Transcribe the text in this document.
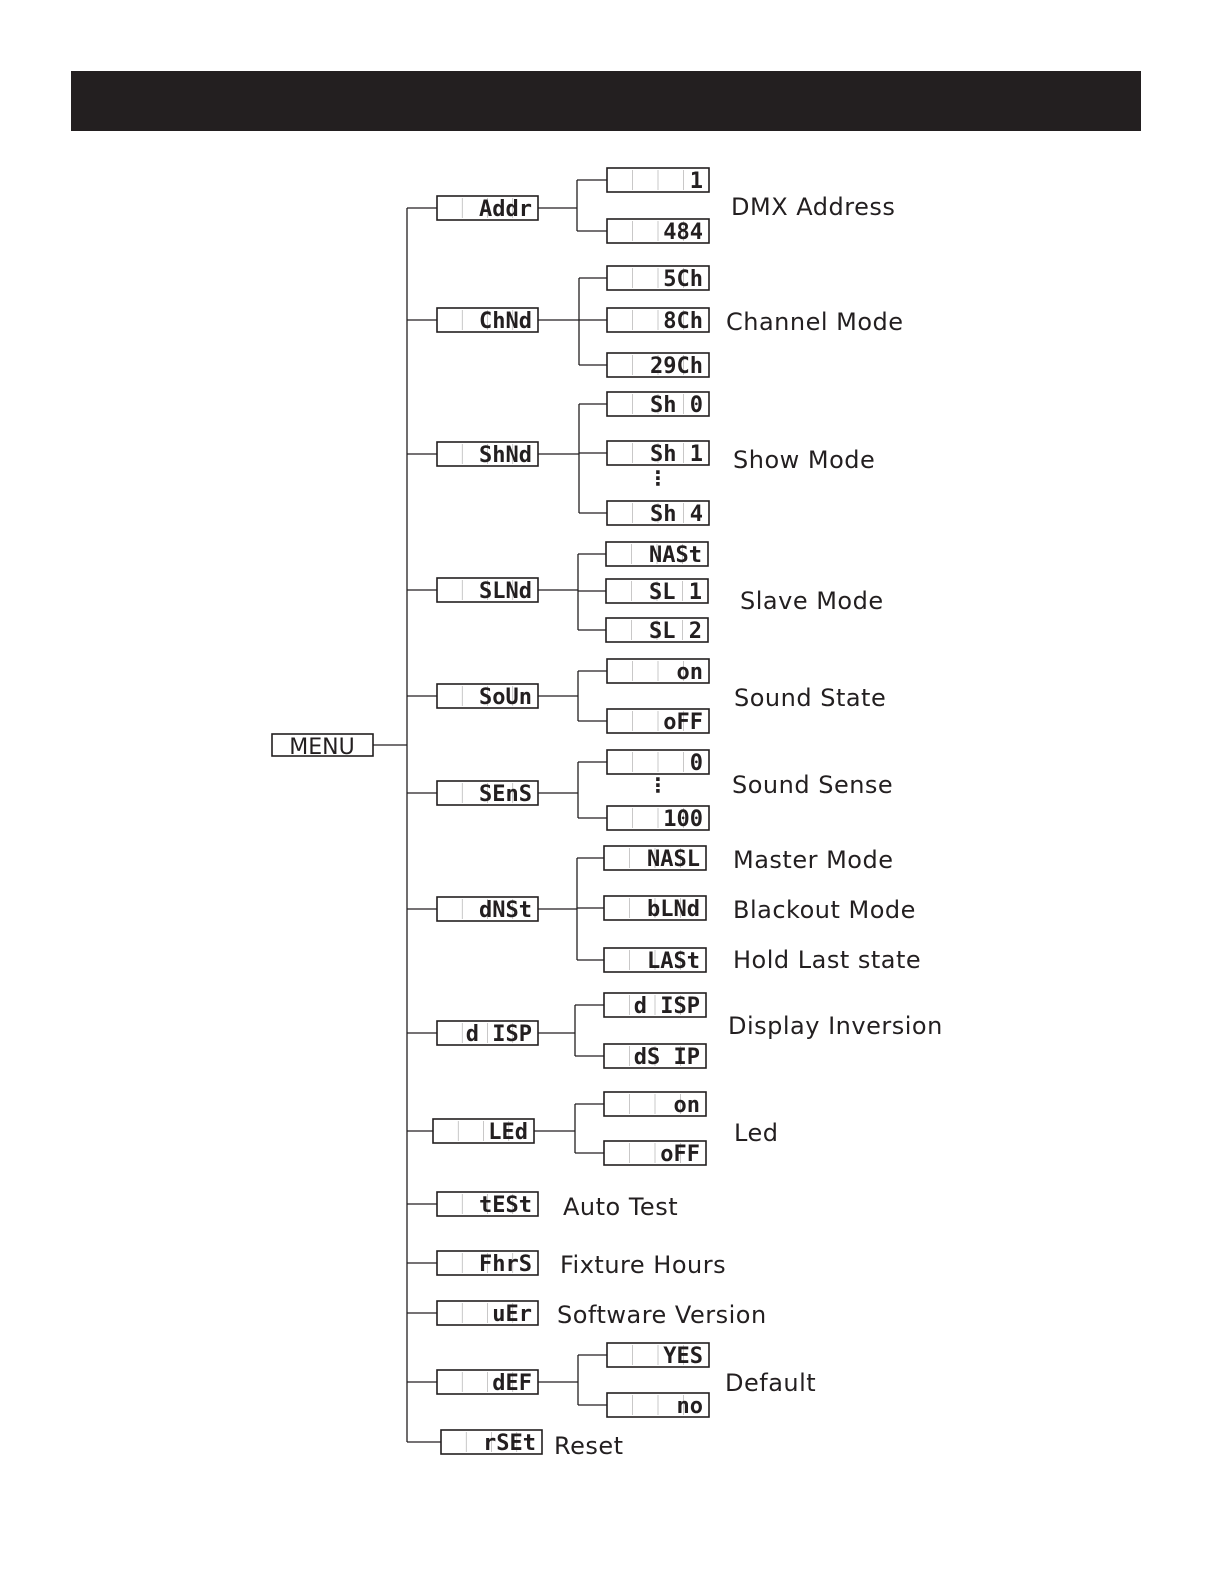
MENU
Addr
1
484
DMX Address
ChNd
5Ch
8Ch
29Ch
Channel Mode
ShNd
Sh 0
Sh 1
Sh 4
⋮
Show Mode
SLNd
NASt
SL 1
SL 2
Slave Mode
SoUn
on
oFF
Sound State
SEnS
0
100
⋮	Sound Sense
dNSt
NASL
bLNd
LASt
Master Mode
Blackout Mode
Hold Last state
d ISP
d ISP
dS IP
Display Inversion
LEd
on
oFF
Led
tESt Auto Test
FhrS Fixture Hours
uEr Software Version
dEF
YES
no
Default
rSEt Reset
